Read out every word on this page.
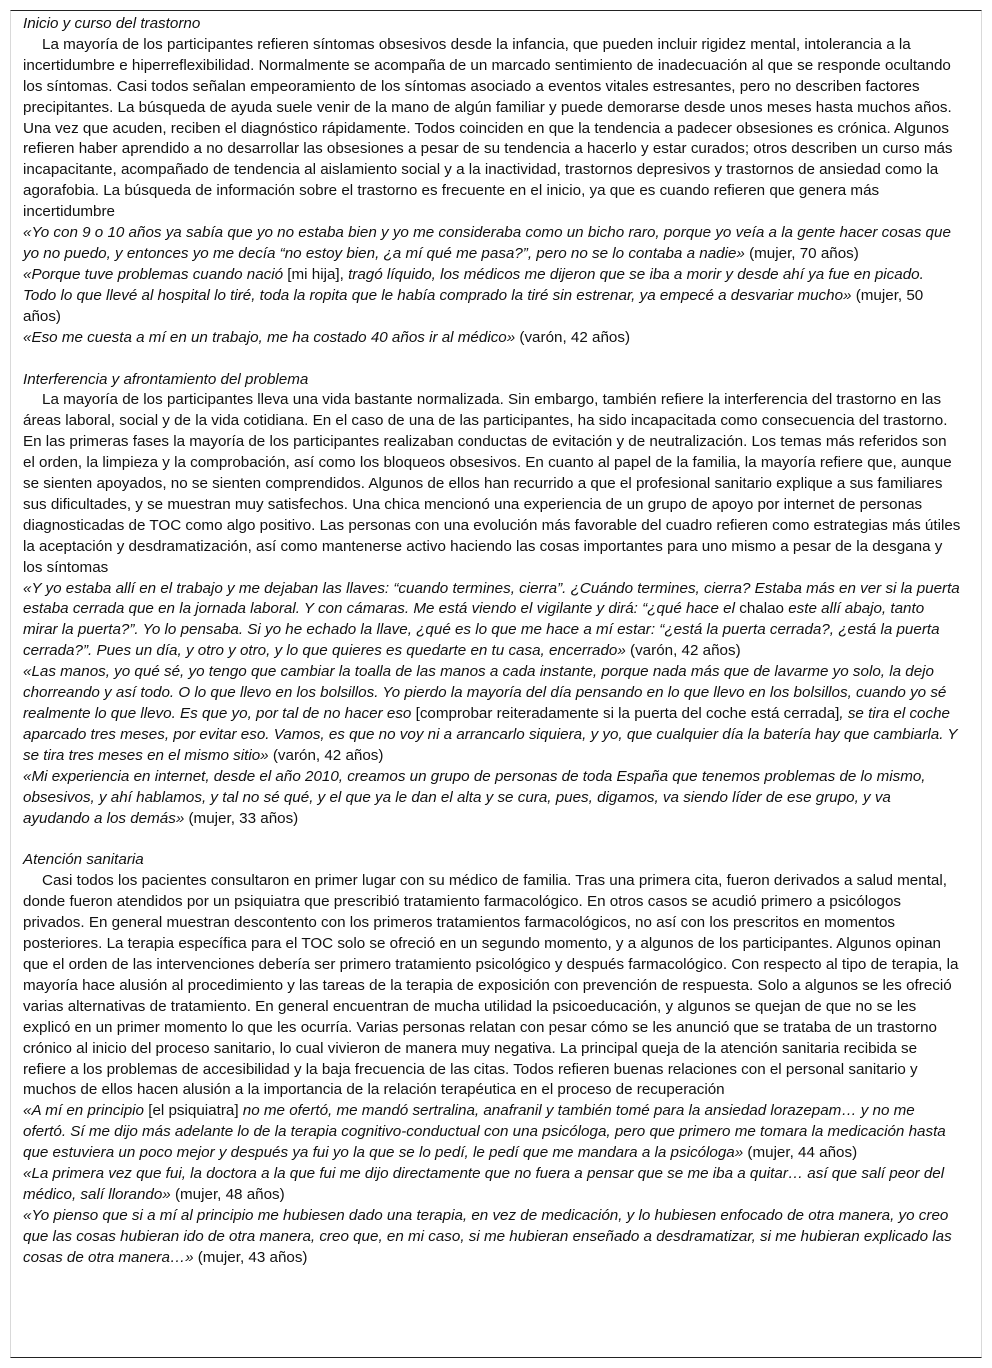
Inicio y curso del trastorno

La mayoría de los participantes refieren síntomas obsesivos desde la infancia, que pueden incluir rigidez mental, intolerancia a la incertidumbre e hiperreflexibilidad. Normalmente se acompaña de un marcado sentimiento de inadecuación al que se responde ocultando los síntomas. Casi todos señalan empeoramiento de los síntomas asociado a eventos vitales estresantes, pero no describen factores precipitantes. La búsqueda de ayuda suele venir de la mano de algún familiar y puede demorarse desde unos meses hasta muchos años. Una vez que acuden, reciben el diagnóstico rápidamente. Todos coinciden en que la tendencia a padecer obsesiones es crónica. Algunos refieren haber aprendido a no desarrollar las obsesiones a pesar de su tendencia a hacerlo y estar curados; otros describen un curso más incapacitante, acompañado de tendencia al aislamiento social y a la inactividad, trastornos depresivos y trastornos de ansiedad como la agorafobia. La búsqueda de información sobre el trastorno es frecuente en el inicio, ya que es cuando refieren que genera más incertidumbre

«Yo con 9 o 10 años ya sabía que yo no estaba bien y yo me consideraba como un bicho raro, porque yo veía a la gente hacer cosas que yo no puedo, y entonces yo me decía “no estoy bien, ¿a mí qué me pasa?”, pero no se lo contaba a nadie» (mujer, 70 años)

«Porque tuve problemas cuando nació [mi hija], tragó líquido, los médicos me dijeron que se iba a morir y desde ahí ya fue en picado. Todo lo que llevé al hospital lo tiré, toda la ropita que le había comprado la tiré sin estrenar, ya empecé a desvariar mucho» (mujer, 50 años)

«Eso me cuesta a mí en un trabajo, me ha costado 40 años ir al médico» (varón, 42 años)

Interferencia y afrontamiento del problema

La mayoría de los participantes lleva una vida bastante normalizada. Sin embargo, también refiere la interferencia del trastorno en las áreas laboral, social y de la vida cotidiana. En el caso de una de las participantes, ha sido incapacitada como consecuencia del trastorno. En las primeras fases la mayoría de los participantes realizaban conductas de evitación y de neutralización. Los temas más referidos son el orden, la limpieza y la comprobación, así como los bloqueos obsesivos. En cuanto al papel de la familia, la mayoría refiere que, aunque se sienten apoyados, no se sienten comprendidos. Algunos de ellos han recurrido a que el profesional sanitario explique a sus familiares sus dificultades, y se muestran muy satisfechos. Una chica mencionó una experiencia de un grupo de apoyo por internet de personas diagnosticadas de TOC como algo positivo. Las personas con una evolución más favorable del cuadro refieren como estrategias más útiles la aceptación y desdramatización, así como mantenerse activo haciendo las cosas importantes para uno mismo a pesar de la desgana y los síntomas

«Y yo estaba allí en el trabajo y me dejaban las llaves: “cuando termines, cierra”. ¿Cuándo termines, cierra? Estaba más en ver si la puerta estaba cerrada que en la jornada laboral. Y con cámaras. Me está viendo el vigilante y dirá: “¿qué hace el chalao este allí abajo, tanto mirar la puerta?”. Yo lo pensaba. Si yo he echado la llave, ¿qué es lo que me hace a mí estar: “¿está la puerta cerrada?, ¿está la puerta cerrada?”. Pues un día, y otro y otro, y lo que quieres es quedarte en tu casa, encerrado» (varón, 42 años)

«Las manos, yo qué sé, yo tengo que cambiar la toalla de las manos a cada instante, porque nada más que de lavarme yo solo, la dejo chorreando y así todo. O lo que llevo en los bolsillos. Yo pierdo la mayoría del día pensando en lo que llevo en los bolsillos, cuando yo sé realmente lo que llevo. Es que yo, por tal de no hacer eso [comprobar reiteradamente si la puerta del coche está cerrada], se tira el coche aparcado tres meses, por evitar eso. Vamos, es que no voy ni a arrancarlo siquiera, y yo, que cualquier día la batería hay que cambiarla. Y se tira tres meses en el mismo sitio» (varón, 42 años)

«Mi experiencia en internet, desde el año 2010, creamos un grupo de personas de toda España que tenemos problemas de lo mismo, obsesivos, y ahí hablamos, y tal no sé qué, y el que ya le dan el alta y se cura, pues, digamos, va siendo líder de ese grupo, y va ayudando a los demás» (mujer, 33 años)

Atención sanitaria

Casi todos los pacientes consultaron en primer lugar con su médico de familia. Tras una primera cita, fueron derivados a salud mental, donde fueron atendidos por un psiquiatra que prescribió tratamiento farmacológico. En otros casos se acudió primero a psicólogos privados. En general muestran descontento con los primeros tratamientos farmacológicos, no así con los prescritos en momentos posteriores. La terapia específica para el TOC solo se ofreció en un segundo momento, y a algunos de los participantes. Algunos opinan que el orden de las intervenciones debería ser primero tratamiento psicológico y después farmacológico. Con respecto al tipo de terapia, la mayoría hace alusión al procedimiento y las tareas de la terapia de exposición con prevención de respuesta. Solo a algunos se les ofreció varias alternativas de tratamiento. En general encuentran de mucha utilidad la psicoeducación, y algunos se quejan de que no se les explicó en un primer momento lo que les ocurría. Varias personas relatan con pesar cómo se les anunció que se trataba de un trastorno crónico al inicio del proceso sanitario, lo cual vivieron de manera muy negativa. La principal queja de la atención sanitaria recibida se refiere a los problemas de accesibilidad y la baja frecuencia de las citas. Todos refieren buenas relaciones con el personal sanitario y muchos de ellos hacen alusión a la importancia de la relación terapéutica en el proceso de recuperación

«A mí en principio [el psiquiatra] no me ofertó, me mandó sertralina, anafranil y también tomé para la ansiedad lorazepam… y no me ofertó. Sí me dijo más adelante lo de la terapia cognitivo-conductual con una psicóloga, pero que primero me tomara la medicación hasta que estuviera un poco mejor y después ya fui yo la que se lo pedí, le pedí que me mandara a la psicóloga» (mujer, 44 años)

«La primera vez que fui, la doctora a la que fui me dijo directamente que no fuera a pensar que se me iba a quitar… así que salí peor del médico, salí llorando» (mujer, 48 años)

«Yo pienso que si a mí al principio me hubiesen dado una terapia, en vez de medicación, y lo hubiesen enfocado de otra manera, yo creo que las cosas hubieran ido de otra manera, creo que, en mi caso, si me hubieran enseñado a desdramatizar, si me hubieran explicado las cosas de otra manera…» (mujer, 43 años)
